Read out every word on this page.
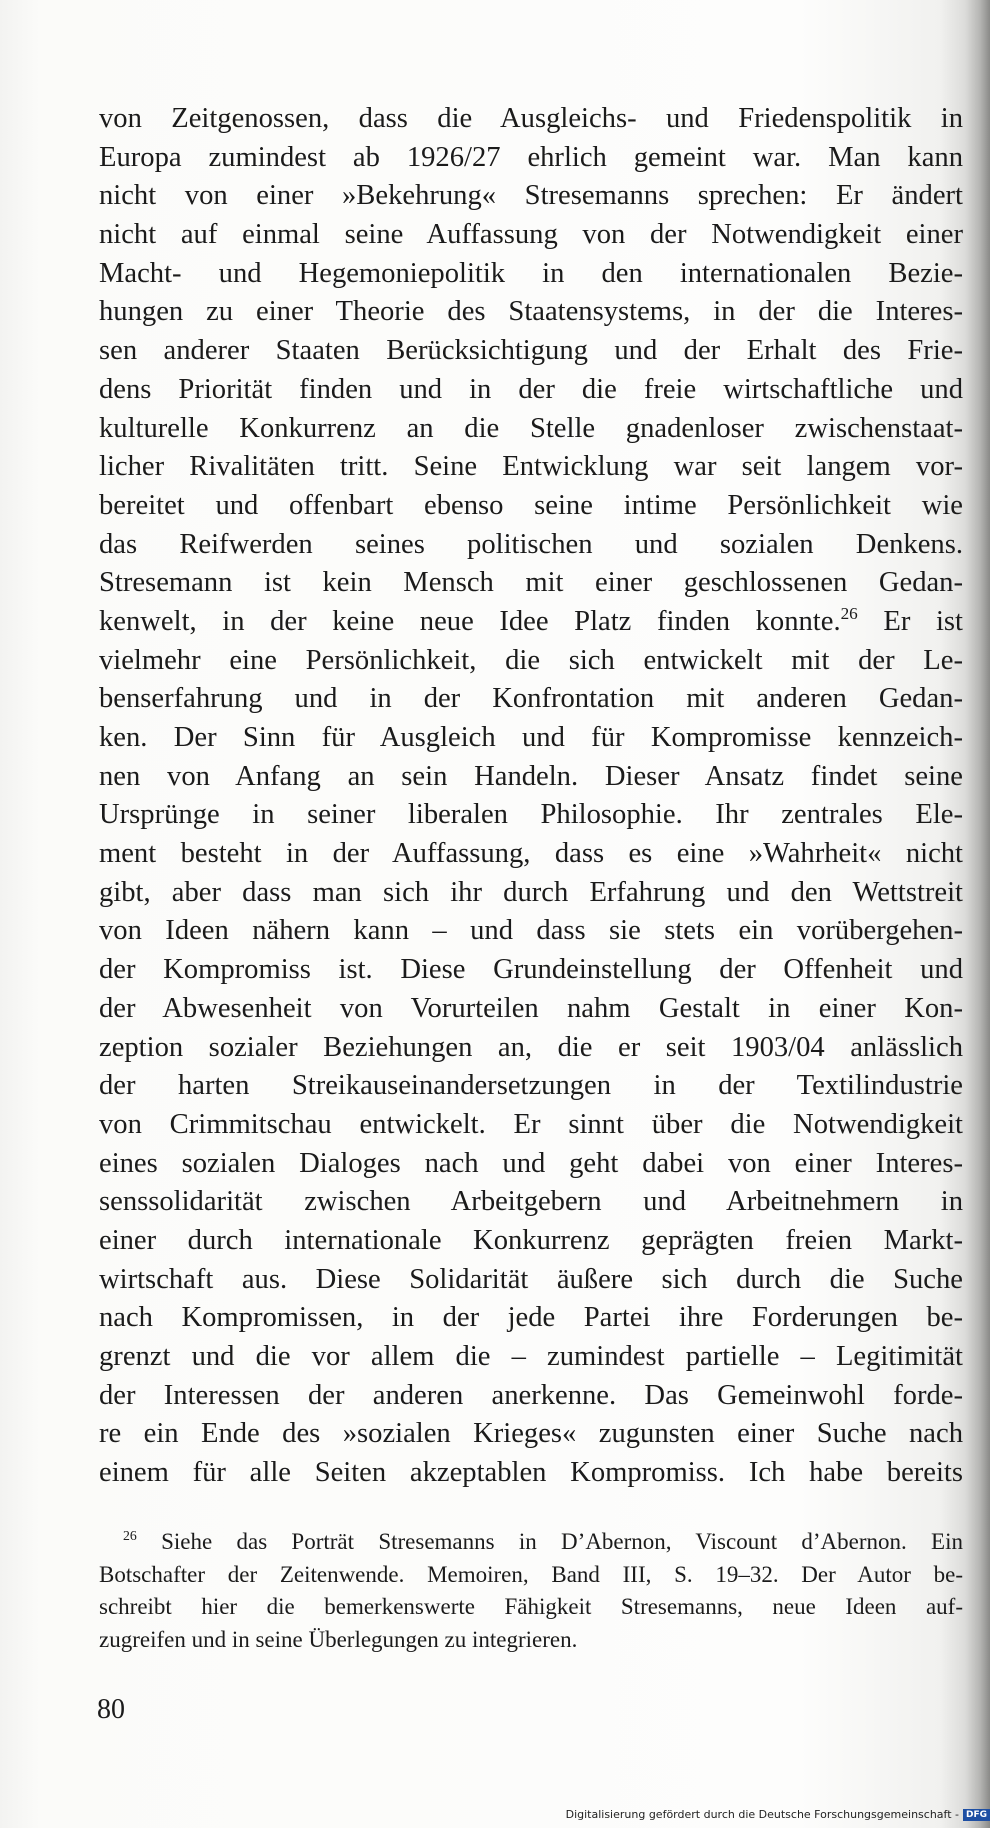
von Zeitgenossen, dass die Ausgleichs- und Friedenspolitik in
Europa zumindest ab 1926/27 ehrlich gemeint war. Man kann
nicht von einer »Bekehrung« Stresemanns sprechen: Er ändert
nicht auf einmal seine Auffassung von der Notwendigkeit einer
Macht- und Hegemoniepolitik in den internationalen Bezie-
hungen zu einer Theorie des Staatensystems, in der die Interes-
sen anderer Staaten Berücksichtigung und der Erhalt des Frie-
dens Priorität finden und in der die freie wirtschaftliche und
kulturelle Konkurrenz an die Stelle gnadenloser zwischenstaat-
licher Rivalitäten tritt. Seine Entwicklung war seit langem vor-
bereitet und offenbart ebenso seine intime Persönlichkeit wie
das Reifwerden seines politischen und sozialen Denkens.
Stresemann ist kein Mensch mit einer geschlossenen Gedan-
kenwelt, in der keine neue Idee Platz finden konnte.$^{26}$ Er ist
vielmehr eine Persönlichkeit, die sich entwickelt mit der Le-
benserfahrung und in der Konfrontation mit anderen Gedan-
ken. Der Sinn für Ausgleich und für Kompromisse kennzeich-
nen von Anfang an sein Handeln. Dieser Ansatz findet seine
Ursprünge in seiner liberalen Philosophie. Ihr zentrales Ele-
ment besteht in der Auffassung, dass es eine »Wahrheit« nicht
gibt, aber dass man sich ihr durch Erfahrung und den Wettstreit
von Ideen nähern kann – und dass sie stets ein vorübergehen-
der Kompromiss ist. Diese Grundeinstellung der Offenheit und
der Abwesenheit von Vorurteilen nahm Gestalt in einer Kon-
zeption sozialer Beziehungen an, die er seit 1903/04 anlässlich
der harten Streikauseinandersetzungen in der Textilindustrie
von Crimmitschau entwickelt. Er sinnt über die Notwendigkeit
eines sozialen Dialoges nach und geht dabei von einer Interes-
senssolidarität zwischen Arbeitgebern und Arbeitnehmern in
einer durch internationale Konkurrenz geprägten freien Markt-
wirtschaft aus. Diese Solidarität äußere sich durch die Suche
nach Kompromissen, in der jede Partei ihre Forderungen be-
grenzt und die vor allem die – zumindest partielle – Legitimität
der Interessen der anderen anerkenne. Das Gemeinwohl forde-
re ein Ende des »sozialen Krieges« zugunsten einer Suche nach
einem für alle Seiten akzeptablen Kompromiss. Ich habe bereits
$^{26}$ Siehe das Porträt Stresemanns in D’Abernon, Viscount d’Abernon. Ein
Botschafter der Zeitenwende. Memoiren, Band III, S. 19–32. Der Autor be-
schreibt hier die bemerkenswerte Fähigkeit Stresemanns, neue Ideen auf-
zugreifen und in seine Überlegungen zu integrieren.
80
Digitalisierung gefördert durch die Deutsche Forschungsgemeinschaft - DFG
